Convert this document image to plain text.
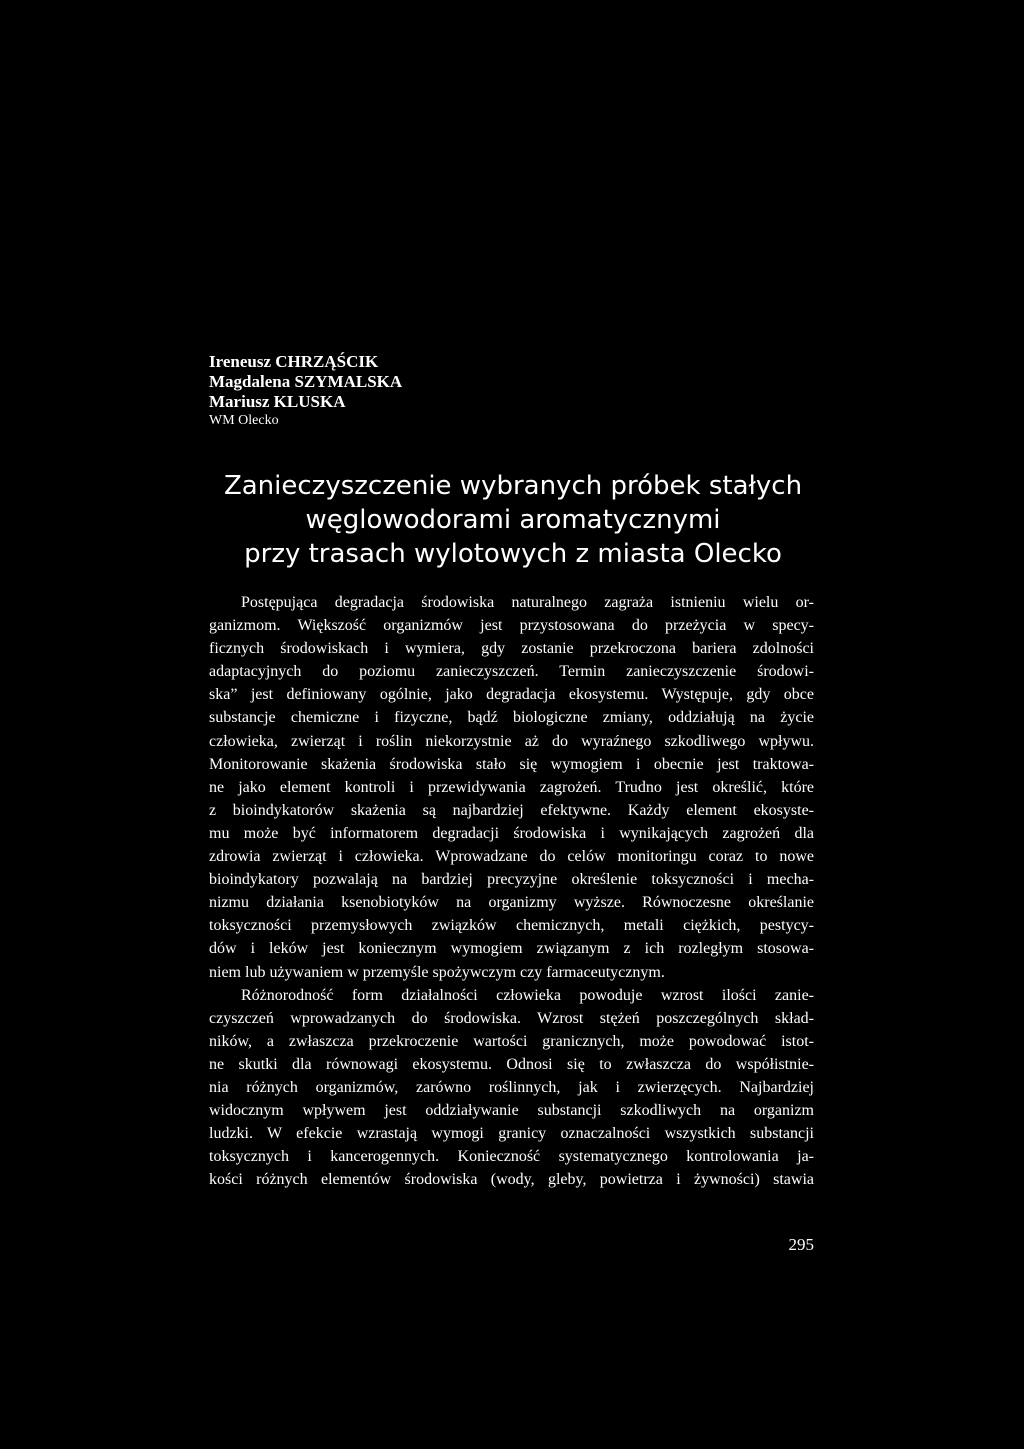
Ireneusz CHRZĄŚCIK
Magdalena SZYMALSKA
Mariusz KLUSKA
WM Olecko
Zanieczyszczenie wybranych próbek stałych
węglowodorami aromatycznymi
przy trasach wylotowych z miasta Olecko
Postępująca degradacja środowiska naturalnego zagraża istnieniu wielu or-
ganizmom. Większość organizmów jest przystosowana do przeżycia w specy-
ficznych środowiskach i wymiera, gdy zostanie przekroczona bariera zdolności
adaptacyjnych do poziomu zanieczyszczeń. Termin zanieczyszczenie środowi-
ska” jest definiowany ogólnie, jako degradacja ekosystemu. Występuje, gdy obce
substancje chemiczne i fizyczne, bądź biologiczne zmiany, oddziałują na życie
człowieka, zwierząt i roślin niekorzystnie aż do wyraźnego szkodliwego wpływu.
Monitorowanie skażenia środowiska stało się wymogiem i obecnie jest traktowa-
ne jako element kontroli i przewidywania zagrożeń. Trudno jest określić, które
z bioindykatorów skażenia są najbardziej efektywne. Każdy element ekosyste-
mu może być informatorem degradacji środowiska i wynikających zagrożeń dla
zdrowia zwierząt i człowieka. Wprowadzane do celów monitoringu coraz to nowe
bioindykatory pozwalają na bardziej precyzyjne określenie toksyczności i mecha-
nizmu działania ksenobiotyków na organizmy wyższe. Równoczesne określanie
toksyczności przemysłowych związków chemicznych, metali ciężkich, pestycy-
dów i leków jest koniecznym wymogiem związanym z ich rozległym stosowa-
niem lub używaniem w przemyśle spożywczym czy farmaceutycznym.
Różnorodność form działalności człowieka powoduje wzrost ilości zanie-
czyszczeń wprowadzanych do środowiska. Wzrost stężeń poszczególnych skład-
ników, a zwłaszcza przekroczenie wartości granicznych, może powodować istot-
ne skutki dla równowagi ekosystemu. Odnosi się to zwłaszcza do współistnie-
nia różnych organizmów, zarówno roślinnych, jak i zwierzęcych. Najbardziej
widocznym wpływem jest oddziaływanie substancji szkodliwych na organizm
ludzki. W efekcie wzrastają wymogi granicy oznaczalności wszystkich substancji
toksycznych i kancerogennych. Konieczność systematycznego kontrolowania ja-
kości różnych elementów środowiska (wody, gleby, powietrza i żywności) stawia
295
